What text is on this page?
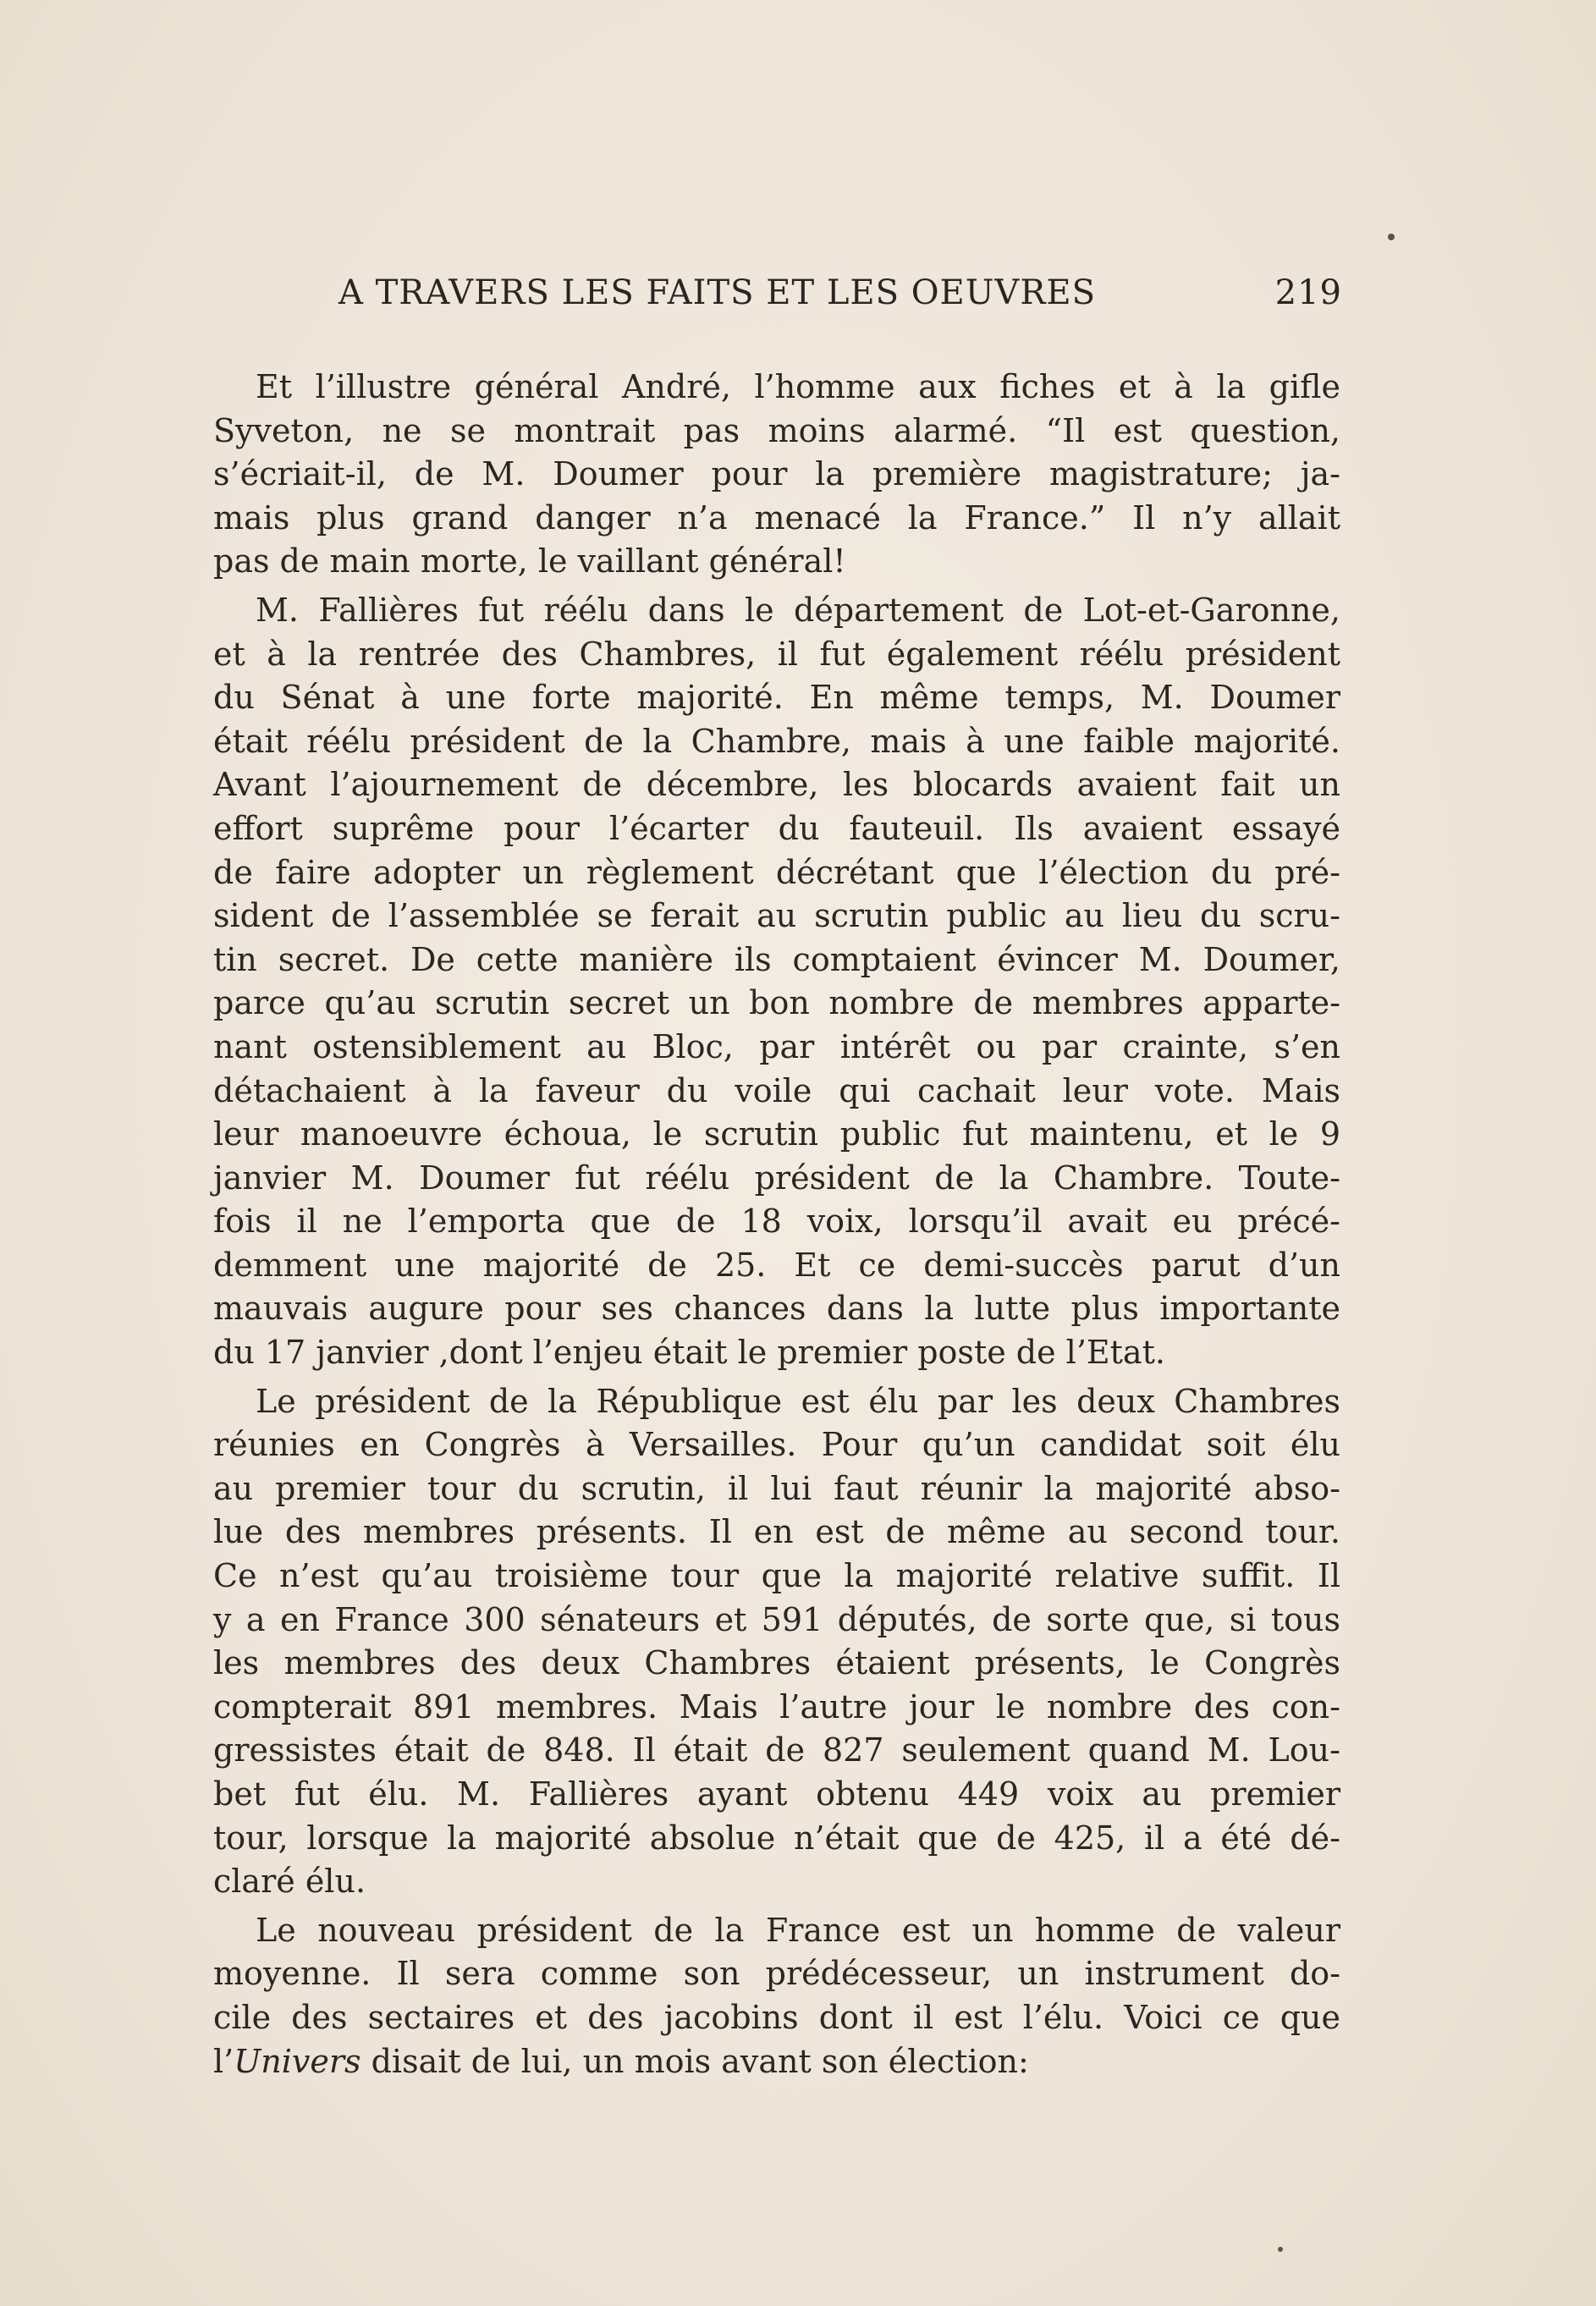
A TRAVERS LES FAITS ET LES OEUVRES	219
Et l’illustre général André, l’homme aux fiches et à la gifle
Syveton, ne se montrait pas moins alarmé. “Il est question,
s’écriait-il, de M. Doumer pour la première magistrature; ja-
mais plus grand danger n’a menacé la France.” Il n’y allait
pas de main morte, le vaillant général!
M. Fallières fut réélu dans le département de Lot-et-Garonne,
et à la rentrée des Chambres, il fut également réélu président
du Sénat à une forte majorité. En même temps, M. Doumer
était réélu président de la Chambre, mais à une faible majorité.
Avant l’ajournement de décembre, les blocards avaient fait un
effort suprême pour l’écarter du fauteuil. Ils avaient essayé
de faire adopter un règlement décrétant que l’élection du pré-
sident de l’assemblée se ferait au scrutin public au lieu du scru-
tin secret. De cette manière ils comptaient évincer M. Doumer,
parce qu’au scrutin secret un bon nombre de membres apparte-
nant ostensiblement au Bloc, par intérêt ou par crainte, s’en
détachaient à la faveur du voile qui cachait leur vote. Mais
leur manoeuvre échoua, le scrutin public fut maintenu, et le 9
janvier M. Doumer fut réélu président de la Chambre. Toute-
fois il ne l’emporta que de 18 voix, lorsqu’il avait eu précé-
demment une majorité de 25. Et ce demi-succès parut d’un
mauvais augure pour ses chances dans la lutte plus importante
du 17 janvier ,dont l’enjeu était le premier poste de l’Etat.
Le président de la République est élu par les deux Chambres
réunies en Congrès à Versailles. Pour qu’un candidat soit élu
au premier tour du scrutin, il lui faut réunir la majorité abso-
lue des membres présents. Il en est de même au second tour.
Ce n’est qu’au troisième tour que la majorité relative suffit. Il
y a en France 300 sénateurs et 591 députés, de sorte que, si tous
les membres des deux Chambres étaient présents, le Congrès
compterait 891 membres. Mais l’autre jour le nombre des con-
gressistes était de 848. Il était de 827 seulement quand M. Lou-
bet fut élu. M. Fallières ayant obtenu 449 voix au premier
tour, lorsque la majorité absolue n’était que de 425, il a été dé-
claré élu.
Le nouveau président de la France est un homme de valeur
moyenne. Il sera comme son prédécesseur, un instrument do-
cile des sectaires et des jacobins dont il est l’élu. Voici ce que
l’Univers disait de lui, un mois avant son élection:
